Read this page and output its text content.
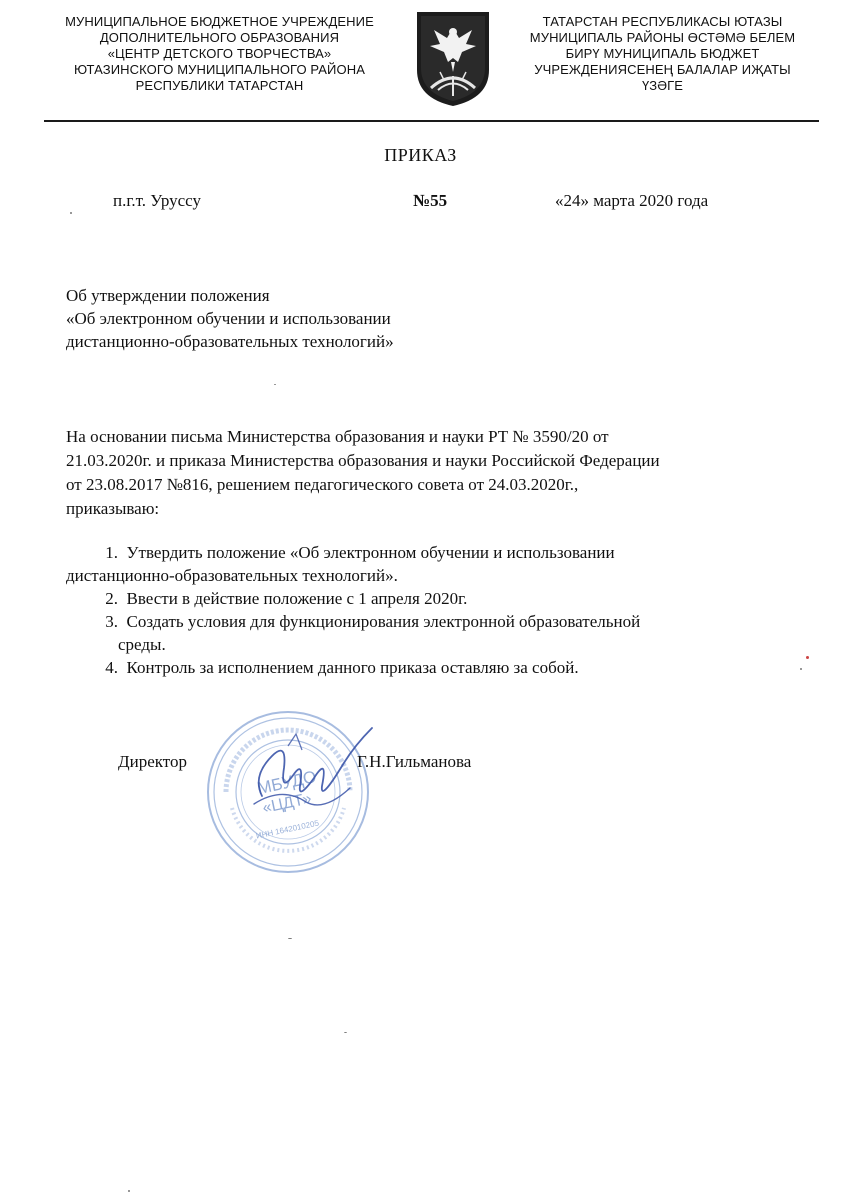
МУНИЦИПАЛЬНОЕ БЮДЖЕТНОЕ УЧРЕЖДЕНИЕ
ДОПОЛНИТЕЛЬНОГО ОБРАЗОВАНИЯ
«ЦЕНТР ДЕТСКОГО ТВОРЧЕСТВА»
ЮТАЗИНСКОГО МУНИЦИПАЛЬНОГО РАЙОНА
РЕСПУБЛИКИ ТАТАРСТАН
ТАТАРСТАН РЕСПУБЛИКАСЫ ЮТАЗЫ
МУНИЦИПАЛЬ РАЙОНЫ ӨСТӘМӘ БЕЛЕМ
БИРҮ МУНИЦИПАЛЬ БЮДЖЕТ
УЧРЕЖДЕНИЯСЕНЕҢ БАЛАЛАР ИҖАТЫ
ҮЗӘГЕ
ПРИКАЗ
п.г.т. Уруссу	№55	«24» марта 2020 года
Об утверждении положения
«Об электронном обучении и использовании
дистанционно-образовательных технологий»
На основании письма Министерства образования и науки РТ № 3590/20 от
21.03.2020г. и приказа Министерства образования и науки Российской Федерации
от 23.08.2017 №816, решением педагогического совета от 24.03.2020г.,
приказываю:
1. Утвердить положение «Об электронном обучении и использовании
дистанционно-образовательных технологий».
2. Ввести в действие положение с 1 апреля 2020г.
3. Создать условия для функционирования электронной образовательной
среды.
4. Контроль за исполнением данного приказа оставляю за собой.
МБУДО
«ЦДТ»
ИНН 1642010205
Директор	Г.Н.Гильманова
